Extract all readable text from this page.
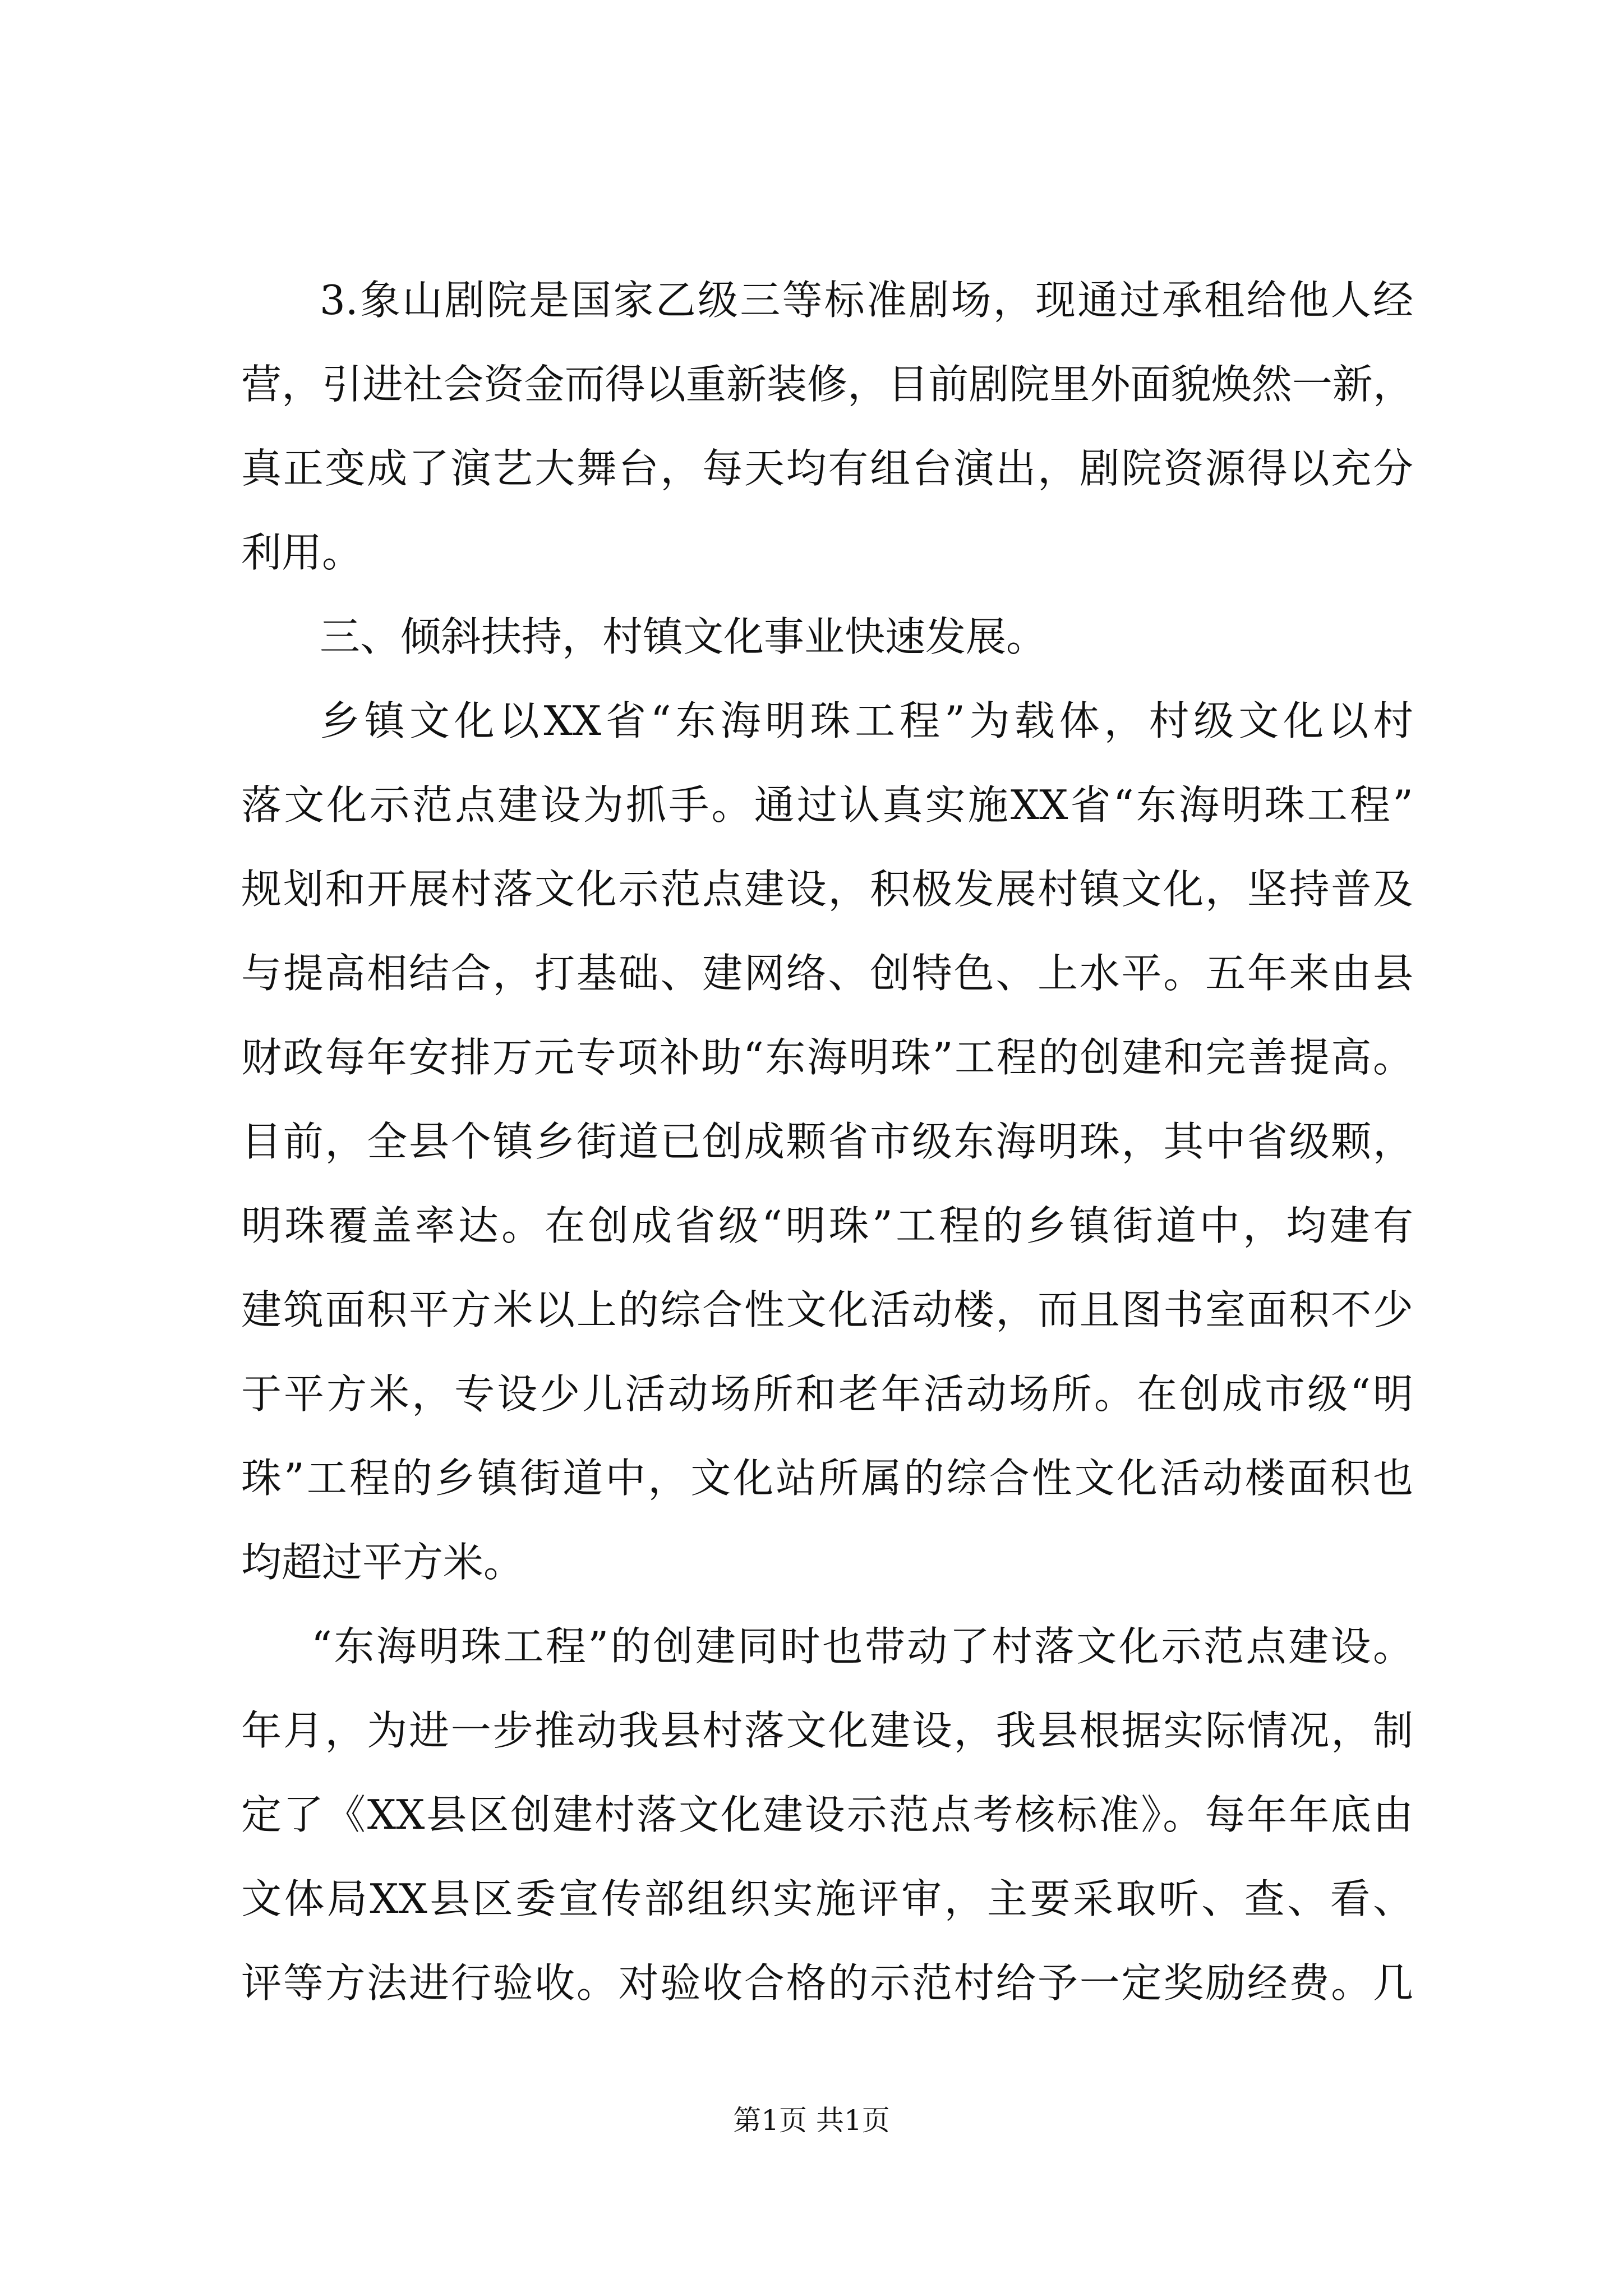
3.象山剧院是国家乙级三等标准剧场，现通过承租给他人经
营，引进社会资金而得以重新装修，目前剧院里外面貌焕然一新，
真正变成了演艺大舞台，每天均有组台演出，剧院资源得以充分
利用。
三、倾斜扶持，村镇文化事业快速发展。
乡镇文化以XX省“东海明珠工程”为载体，村级文化以村
落文化示范点建设为抓手。通过认真实施XX省“东海明珠工程”
规划和开展村落文化示范点建设，积极发展村镇文化，坚持普及
与提高相结合，打基础、建网络、创特色、上水平。五年来由县
财政每年安排万元专项补助“东海明珠”工程的创建和完善提高。
目前，全县个镇乡街道已创成颗省市级东海明珠，其中省级颗，
明珠覆盖率达。在创成省级“明珠”工程的乡镇街道中，均建有
建筑面积平方米以上的综合性文化活动楼，而且图书室面积不少
于平方米，专设少儿活动场所和老年活动场所。在创成市级“明
珠”工程的乡镇街道中，文化站所属的综合性文化活动楼面积也
均超过平方米。
“东海明珠工程”的创建同时也带动了村落文化示范点建设。
年月，为进一步推动我县村落文化建设，我县根据实际情况，制
定了《XX县区创建村落文化建设示范点考核标准》。每年年底由
文体局XX县区委宣传部组织实施评审，主要采取听、查、看、
评等方法进行验收。对验收合格的示范村给予一定奖励经费。几
第1页 共1页
